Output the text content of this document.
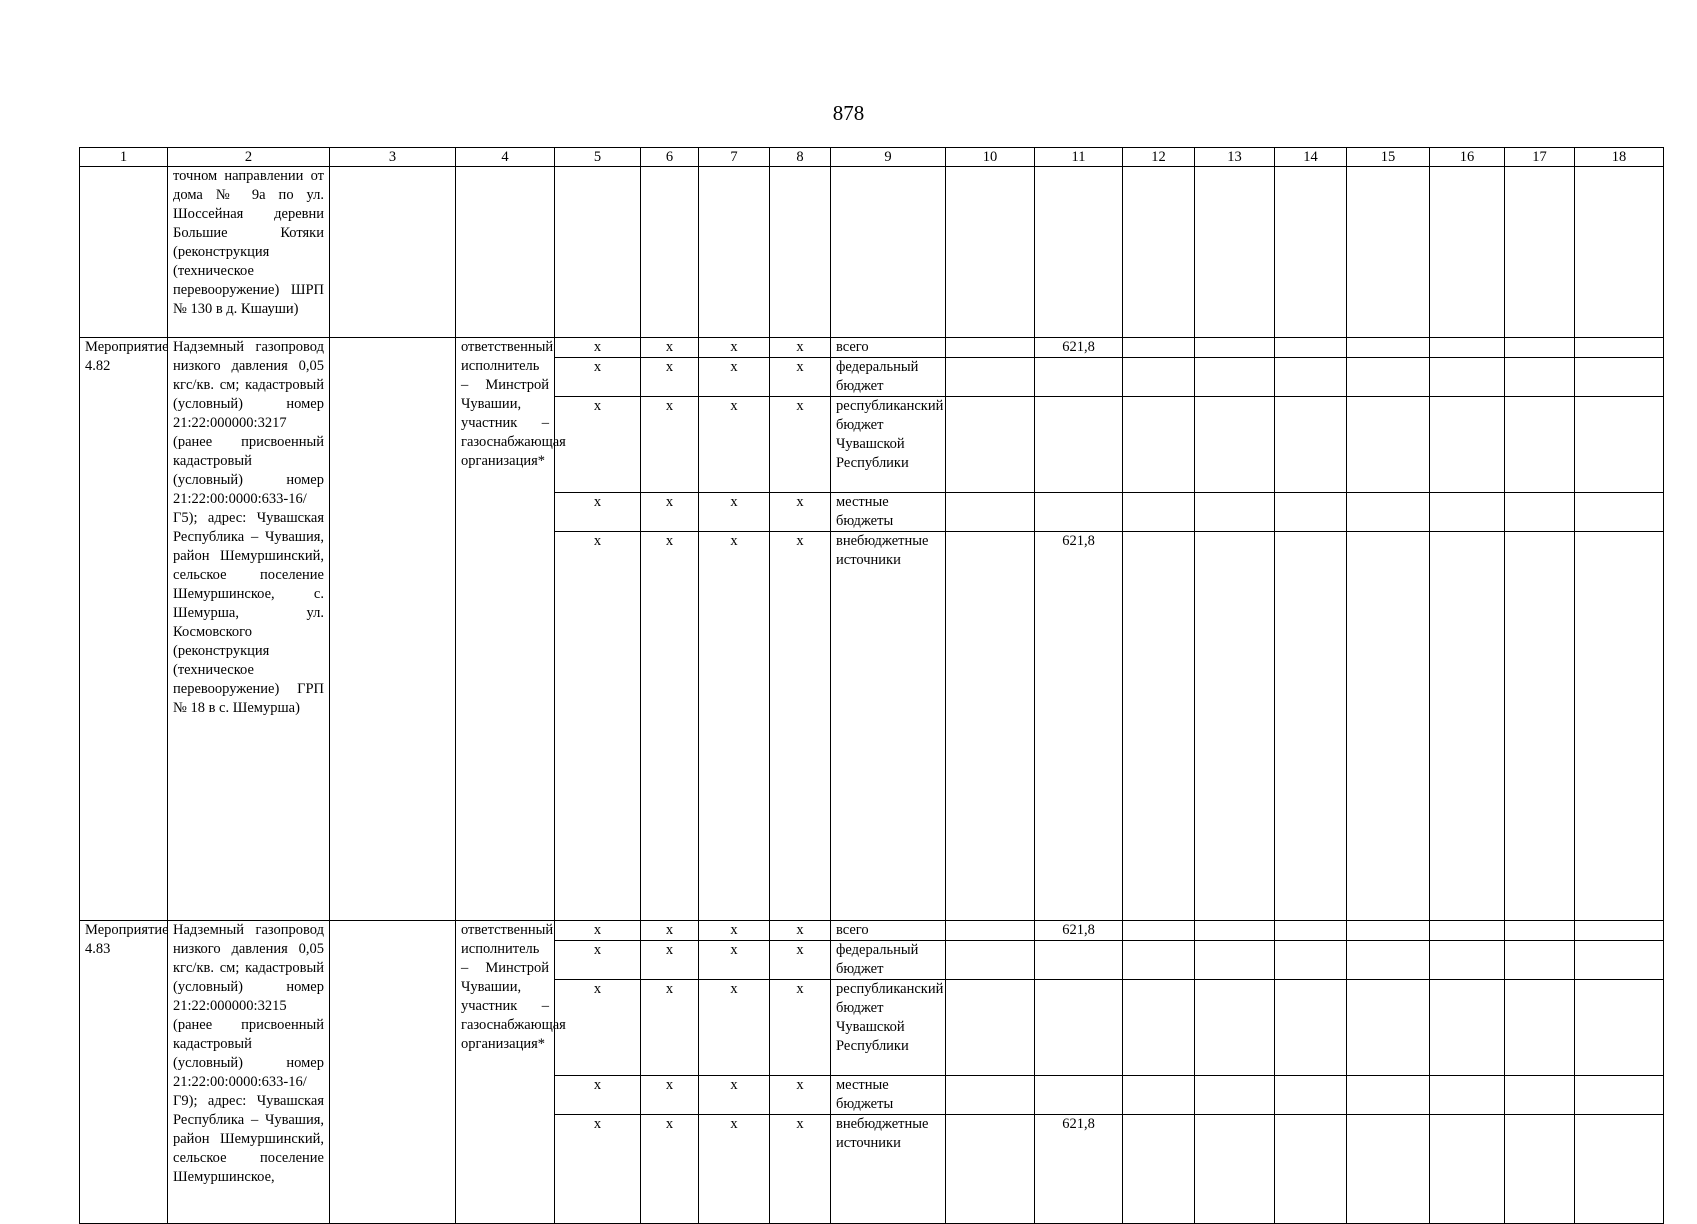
878
1	2	3	4	5	6	7	8	9	10	11	12	13	14	15	16	17	18
	точном направлении от дома № 9а по ул. Шоссейная деревни Большие Котяки (реконструкция (техническое перевооружение) ШРП № 130 в д. Кшауши)																
Мероприятие 4.82	Надземный газопровод низкого давления 0,05 кгс/кв. см; кадастровый (условный) номер 21:22:000000:3217 (ранее присвоенный кадастровый (условный) номер 21:22:00:0000:633-16/Г5); адрес: Чувашская Республика – Чувашия, район Шемуршинский, сельское поселение Шемуршинское, с. Шемурша, ул. Космовского (реконструкция (техническое перевооружение) ГРП № 18 в с. Шемурша)		ответственный исполнитель – Минстрой Чувашии, участник – газоснабжающая организация*	х	х	х	х	всего		621,8							
				х	х	х	х	федеральный бюджет									
				х	х	х	х	республиканский бюджет Чувашской Республики									
				х	х	х	х	местные бюджеты									
				х	х	х	х	внебюджетные источники		621,8							
Мероприятие 4.83	Надземный газопровод низкого давления 0,05 кгс/кв. см; кадастровый (условный) номер 21:22:000000:3215 (ранее присвоенный кадастровый (условный) номер 21:22:00:0000:633-16/Г9); адрес: Чувашская Республика – Чувашия, район Шемуршинский, сельское поселение Шемуршинское,		ответственный исполнитель – Минстрой Чувашии, участник – газоснабжающая организация*	х	х	х	х	всего		621,8							
				х	х	х	х	федеральный бюджет									
				х	х	х	х	республиканский бюджет Чувашской Республики									
				х	х	х	х	местные бюджеты									
				х	х	х	х	внебюджетные источники		621,8							
